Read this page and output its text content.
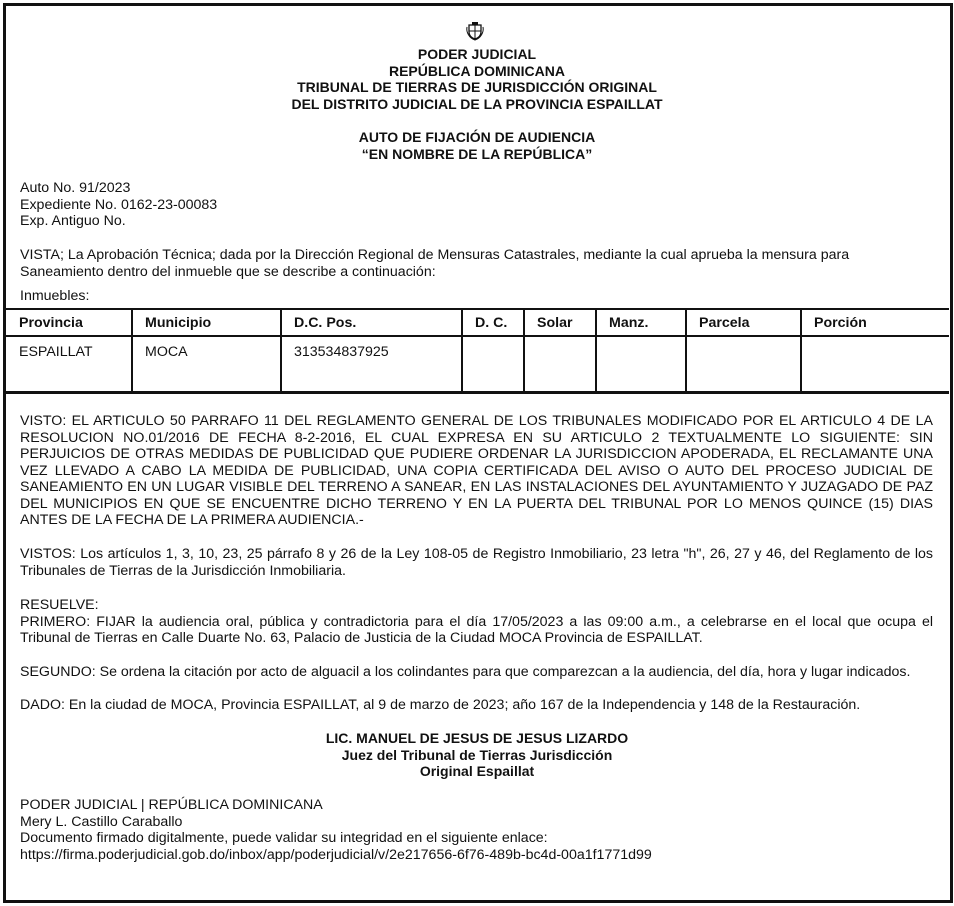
PODER JUDICIAL
REPÚBLICA DOMINICANA
TRIBUNAL DE TIERRAS DE JURISDICCIÓN ORIGINAL
DEL DISTRITO JUDICIAL DE LA PROVINCIA ESPAILLAT
AUTO DE FIJACIÓN DE AUDIENCIA
“EN NOMBRE DE LA REPÚBLICA”
Auto No. 91/2023
Expediente No. 0162-23-00083
Exp. Antiguo No.
VISTA; La Aprobación Técnica; dada por la Dirección Regional de Mensuras Catastrales, mediante la cual aprueba la mensura para Saneamiento dentro del inmueble que se describe a continuación:
Inmuebles:
Provincia	Municipio	D.C. Pos.	D. C.	Solar	Manz.	Parcela	Porción
ESPAILLAT	MOCA	313534837925					
VISTO: EL ARTICULO 50 PARRAFO 11 DEL REGLAMENTO GENERAL DE LOS TRIBUNALES MODIFICADO POR EL ARTICULO 4 DE LA RESOLUCION NO.01/2016 DE FECHA 8-2-2016, EL CUAL EXPRESA EN SU ARTICULO 2 TEXTUALMENTE LO SIGUIENTE: SIN PERJUICIOS DE OTRAS MEDIDAS DE PUBLICIDAD QUE PUDIERE ORDENAR LA JURISDICCION APODERADA, EL RECLAMANTE UNA VEZ LLEVADO A CABO LA MEDIDA DE PUBLICIDAD, UNA COPIA CERTIFICADA DEL AVISO O AUTO DEL PROCESO JUDICIAL DE SANEAMIENTO EN UN LUGAR VISIBLE DEL TERRENO A SANEAR, EN LAS INSTALACIONES DEL AYUNTAMIENTO Y JUZAGADO DE PAZ DEL MUNICIPIOS EN QUE SE ENCUENTRE DICHO TERRENO Y EN LA PUERTA DEL TRIBUNAL POR LO MENOS QUINCE (15) DIAS ANTES DE LA FECHA DE LA PRIMERA AUDIENCIA.-
VISTOS: Los artículos 1, 3, 10, 23, 25 párrafo 8 y 26 de la Ley 108-05 de Registro Inmobiliario, 23 letra "h", 26, 27 y 46, del Reglamento de los Tribunales de Tierras de la Jurisdicción Inmobiliaria.
RESUELVE:
PRIMERO: FIJAR la audiencia oral, pública y contradictoria para el día 17/05/2023 a las 09:00 a.m., a celebrarse en el local que ocupa el Tribunal de Tierras en Calle Duarte No. 63, Palacio de Justicia de la Ciudad MOCA Provincia de ESPAILLAT.
SEGUNDO: Se ordena la citación por acto de alguacil a los colindantes para que comparezcan a la audiencia, del día, hora y lugar indicados.
DADO: En la ciudad de MOCA, Provincia ESPAILLAT, al 9 de marzo de 2023; año 167 de la Independencia y 148 de la Restauración.
LIC. MANUEL DE JESUS DE JESUS LIZARDO
Juez del Tribunal de Tierras Jurisdicción
Original Espaillat
PODER JUDICIAL | REPÚBLICA DOMINICANA
Mery L. Castillo Caraballo
Documento firmado digitalmente, puede validar su integridad en el siguiente enlace:
https://firma.poderjudicial.gob.do/inbox/app/poderjudicial/v/2e217656-6f76-489b-bc4d-00a1f1771d99
